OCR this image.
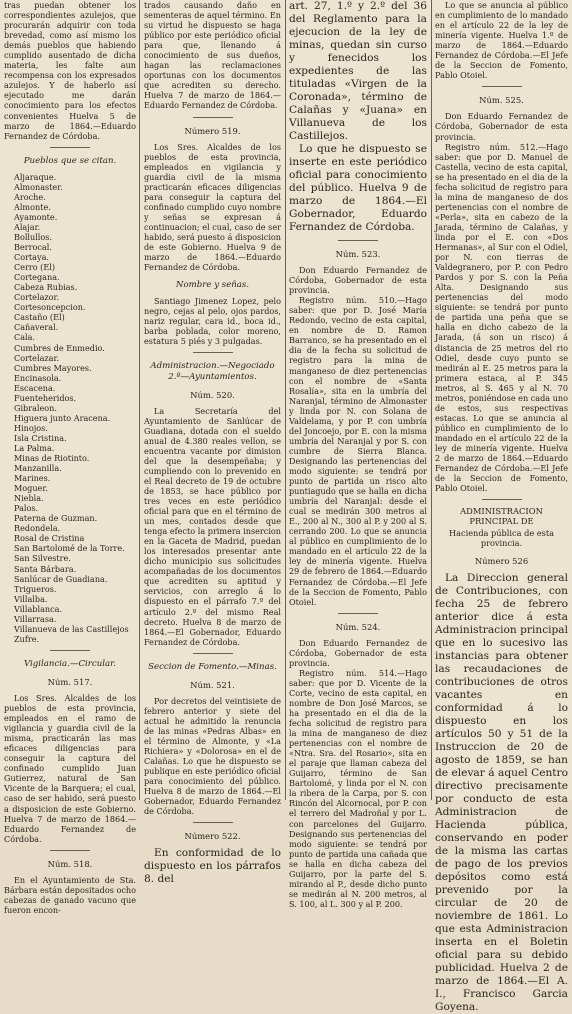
tras puedan obtener los correspondientes azulejos, que procurarán adquirir con toda brevedad, como así mismo los demás pueblos que habiendo cumplido ausentado de dicha materia, les falte aun recompensa con los expresados azulejos. Y de haberlo así ejecutado me darán conocimiento para los efectos convenientes Huelva 5 de marzo de 1864.—Eduardo Fernandez de Córdoba.

Pueblos que se citan.
Aljaraque.
Almonaster.
Aroche.
Almonte.
Ayamonte.
Alajar.
Bollullos.
Berrocal.
Cortaya.
Cerro (El)
Cortegana.
Cabeza Rubias.
Cortelazor.
Cortesoncepcion.
Castaño (El)
Cañaveral.
Cala.
Cumbres de Enmedio.
Cortelazar.
Cumbres Mayores.
Encinasola.
Escacena.
Fuenteheridos.
Gibraleon.
Higuera junto Aracena.
Hinojos.
Isla Cristina.
La Palma.
Minas de Riotinto.
Manzanilla.
Marines.
Moguer.
Niebla.
Palos.
Paterna de Guzman.
Redondela.
Rosal de Cristina
San Bartolomé de la Torre.
San Silvestre.
Santa Bárbara.
Sanlúcar de Guadiana.
Trigueros.
Villalba.
Villablanca.
Villarrasa.
Villanueva de las Castillejos
Zufre.
Vigilancia.—Circular.
Núm. 517.

Los Sres. Alcaldes de los pueblos de esta provincia, empleados en el ramo de vigilancia y guardia civil de la misma, practicarán las mas eficaces diligencias para conseguir la captura del confinado cumplido Juan Gutierrez, natural de San Vicente de la Barquera; el cual, caso de ser habido, será puesto a disposicion de este Gobierno. Huelva 7 de marzo de 1864.—Eduardo Fernandez de Córdoba.

Núm. 518.

En el Ayuntamiento de Sta. Bárbara están depositados ocho cabezas de ganado vacuno que fueron encon-

trados causando daño en sementeras de aquel término. En su virtud he dispuesto se haga público por este periódico oficial para que, llenando á conocimiento de sus dueños, hagan las reclamaciones oportunas con los documentos que acrediten su derecho. Huelva 7 de marzo de 1864.—Eduardo Fernandez de Córdoba.

Número 519.

Los Sres. Alcaldes de los pueblos de esta provincia, empleados en vigilancia y guardia civil de la misma practicarán eficaces diligencias para conseguir la captura del confinado cumplido cuyo nombre y señas se expresan á continuacion; el cual, caso de ser habido, será puesto á disposicion de este Gobierno. Huelva 9 de marzo de 1864.—Eduardo Fernandez de Córdoba.

Nombre y señas.

Santiago Jimenez Lopez, pelo negro, cejas al pelo, ojos pardos, nariz regular, cara id., boca id., barba poblada, color moreno, estatura 5 piés y 3 pulgadas.

Administracion.—Negociado 2.º—Ayuntamientos.
Núm. 520.

La Secretaría del Ayuntamiento de Sanlúcar de Guadiana, dotada con el sueldo anual de 4.380 reales vellon, se encuentra vacante por dimision del que la desempeñaba; y cumpliendo con lo prevenido en el Real decreto de 19 de octubre de 1853, se hace público por tres veces en este periódico oficial para que en el término de un mes, contados desde que tenga efecto la primera insercion en la Gaceta de Madrid, puedan los interesados presentar ante dicho municipio sus solicitudes acompañadas de los documentos que acrediten su aptitud y servicios, con arreglo á lo dispuesto en el párrafo 7.º del artículo 2.º del mismo Real decreto. Huelva 8 de marzo de 1864.—El Gobernador, Eduardo Fernandez de Córdoba.

Seccion de Fomento.—Minas.
Núm. 521.

Por decretos del veintisiete de febrero anterior y siete del actual he admitido la renuncia de las minas «Pedras Albas» en el término de Almonte, y «La Richiera» y «Dolorosa» en el de Calañas. Lo que he dispuesto se publique en este periódico oficial para conocimiento del público. Huelva 8 de marzo de 1864.—El Gobernador, Eduardo Fernandez de Córdoba.

Número 522.

En conformidad de lo dispuesto en los párrafos 8. del

art. 27, 1.º y 2.º del 36 del Reglamento para la ejecucion de la ley de minas, quedan sin curso y fenecidos los expedientes de las tituladas «Virgen de la Coronada», término de Calañas y «Juana» en Villanueva de los Castillejos.

Lo que he dispuesto se inserte en este periódico oficial para conocimiento del público. Huelva 9 de marzo de 1864.—El Gobernador, Eduardo Fernandez de Córdoba.

Núm. 523.

Don Eduardo Fernandez de Córdoba, Gobernador de esta provincia.

Registro núm. 510.—Hago saber: que por D. José María Redondo, vecino de esta capital, en nombre de D. Ramon Barranco, se ha presentado en el dia de la fecha su solicitud de registro para la mina de manganeso de diez pertenencias con el nombre de «Santa Rosalía», sita en la umbría del Naranjal, término de Almonaster y linda por N. con Solana de Valdelama, y por P. con umbría del Joncoejo, por E. con la misma umbría del Naranjal y por S. con cumbre de Sierra Blanca. Designando las pertenencias del modo siguiente: se tendrá por punto de partida un risco alto puntiagudo que se halla en dicha umbría del Naranjal: desde el cual se medirán 300 metros al E., 200 al N., 300 al P. y 200 al S. cerrando 200. Lo que se anuncia al público en cumplimiento de lo mandado en el artículo 22 de la ley de minería vigente. Huelva 29 de febrero de 1864.—Eduardo Fernandez de Córdoba.—El Jefe de la Seccion de Fomento, Pablo Otoiel.

Núm. 524.

Don Eduardo Fernandez de Córdoba, Gobernador de esta provincia.

Registro núm. 514.—Hago saber: que por D. Vicente de la Corte, vecino de esta capital, en nombre de Don José Marcos, se ha presentado en el dia de la fecha solicitud de registro para la mina de manganeso de diez pertenencias con el nombre de «Ntra. Sra. del Rosario», sita en el paraje que llaman cabeza del Guijarro, término de San Bartolomé, y linda por el N. con la ribera de la Carpa, por S. con Rincón del Alcornocal, por P. con el terrero del Madroñal y por L. con parcelones del Guijarro. Designando sus pertenencias del modo siguiente: se tendrá por punto de partida una cañada que se halla en dicha cabeza del Guijarro, por la parte del S. mirando al P., desde dicho punto se medirán al N. 200 metros, al S. 100, al L. 300 y al P. 200.

Lo que se anuncia al público en cumplimiento de lo mandado en el artículo 22 de la ley de minería vigente. Huelva 1.º de marzo de 1864.—Eduardo Fernandez de Córdoba.—El Jefe de la Seccion de Fomento, Pablo Otoiel.

Núm. 525.

Don Eduardo Fernandez de Córdoba, Gobernador de esta provincia.

Registro núm. 512.—Hago saber: que por D. Manuel de Castella, vecino de esta capital, se ha presentado en el dia de la fecha solicitud de registro para la mina de manganeso de dos pertenencias con el nombre de «Perla», sita en cabezo de la Jarada, término de Calañas, y linda por el E. con «Dos Hermanas», al Sur con el Odiel, por N. con tierras de Valdegranero, por P. con Pedro Pardos y por S. con la Peña Alta. Designando sus pertenencias del modo siguiente: se tendrá por punto de partida una peña que se halla en dicho cabezo de la Jarada, (á son un risco) á distancia de 25 metros del rio Odiel, desde cuyo punto se medirán al E. 25 metros para la primera estaca, al P. 345 metros, al S. 465 y al N. 70 metros, poniéndose en cada uno de estos, sus respectivas estacas. Lo que se anuncia al público en cumplimiento de lo mandado en el artículo 22 de la ley de minería vigente. Huelva 2 de marzo de 1864.—Eduardo Fernandez de Córdoba.—El Jefe de la Seccion de Fomento, Pablo Otoiel.

ADMINISTRACION PRINCIPAL DE
Hacienda pública de esta provincia.
Número 526

La Direccion general de Contribuciones, con fecha 25 de febrero anterior dice á esta Administracion principal que en lo sucesivo las instancias para obtener las recaudaciones de contribuciones de otros vacantes en conformidad á lo dispuesto en los artículos 50 y 51 de la Instruccion de 20 de agosto de 1859, se han de elevar á aquel Centro directivo precisamente por conducto de esta Administracion de Hacienda pública, conservando en poder de la misma las cartas de pago de los previos depósitos como está prevenido por la circular de 20 de noviembre de 1861. Lo que esta Administracion inserta en el Boletin oficial para su debido publicidad. Huelva 2 de marzo de 1864.—El A. I., Francisco Garcia Goyena.
